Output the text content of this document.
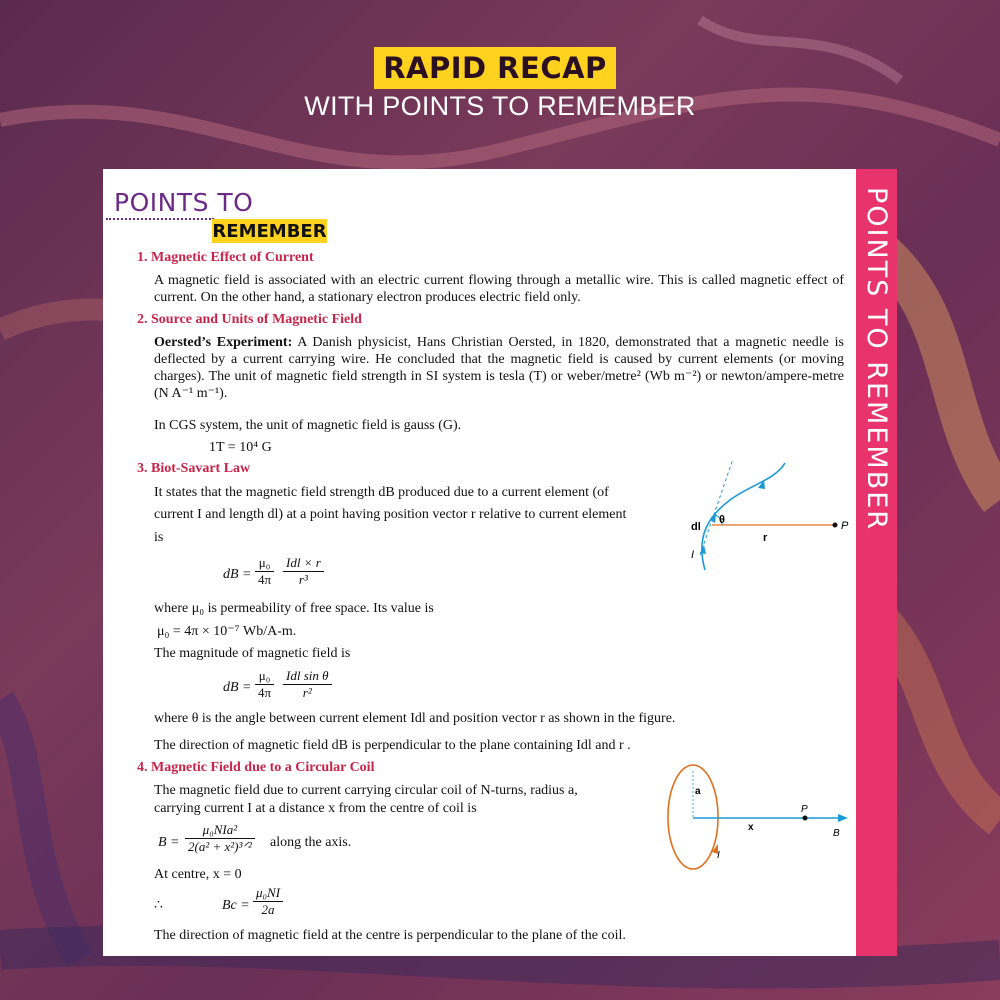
RAPID RECAP
WITH POINTS TO REMEMBER
POINTS TO REMEMBER
POINTS TO
REMEMBER
1. Magnetic Effect of Current

A magnetic field is associated with an electric current flowing through a metallic wire. This is called magnetic effect of current. On the other hand, a stationary electron produces electric field only.

2. Source and Units of Magnetic Field

Oersted’s Experiment: A Danish physicist, Hans Christian Oersted, in 1820, demonstrated that a magnetic needle is deflected by a current carrying wire. He concluded that the magnetic field is caused by current elements (or moving charges). The unit of magnetic field strength in SI system is tesla (T) or weber/metre² (Wb m⁻²) or newton/ampere-metre (N A⁻¹ m⁻¹).

In CGS system, the unit of magnetic field is gauss (G).
1T = 10⁴ G
3. Biot-Savart Law
It states that the magnetic field strength dB produced due to a current element (of
current I and length dl) at a point having position vector r relative to current element
is
dB = $\frac{\text{μ₀}}{4\pi}$ Idl × r
r³
where μ₀ is permeability of free space. Its value is
μ₀ = 4π × 10⁻⁷ Wb/A-m.
The magnitude of magnetic field is
dB = $\frac{\text{μ₀}}{4\pi}$ Idl sin θ
r²
where θ is the angle between current element Idl and position vector r as shown in the figure.
The direction of magnetic field dB is perpendicular to the plane containing Idl and r .
dl
θ
r
P
I
4. Magnetic Field due to a Circular Coil
The magnetic field due to current carrying circular coil of N-turns, radius a,
carrying current I at a distance x from the centre of coil is
B =
μ₀NIa²
2(a² + x²)³ᐟ² along the axis.
At centre, x = 0
∴	$Bc = \frac{\text{μ₀NI}}{2a}$
The direction of magnetic field at the centre is perpendicular to the plane of the coil.
a
x
P
B
I
